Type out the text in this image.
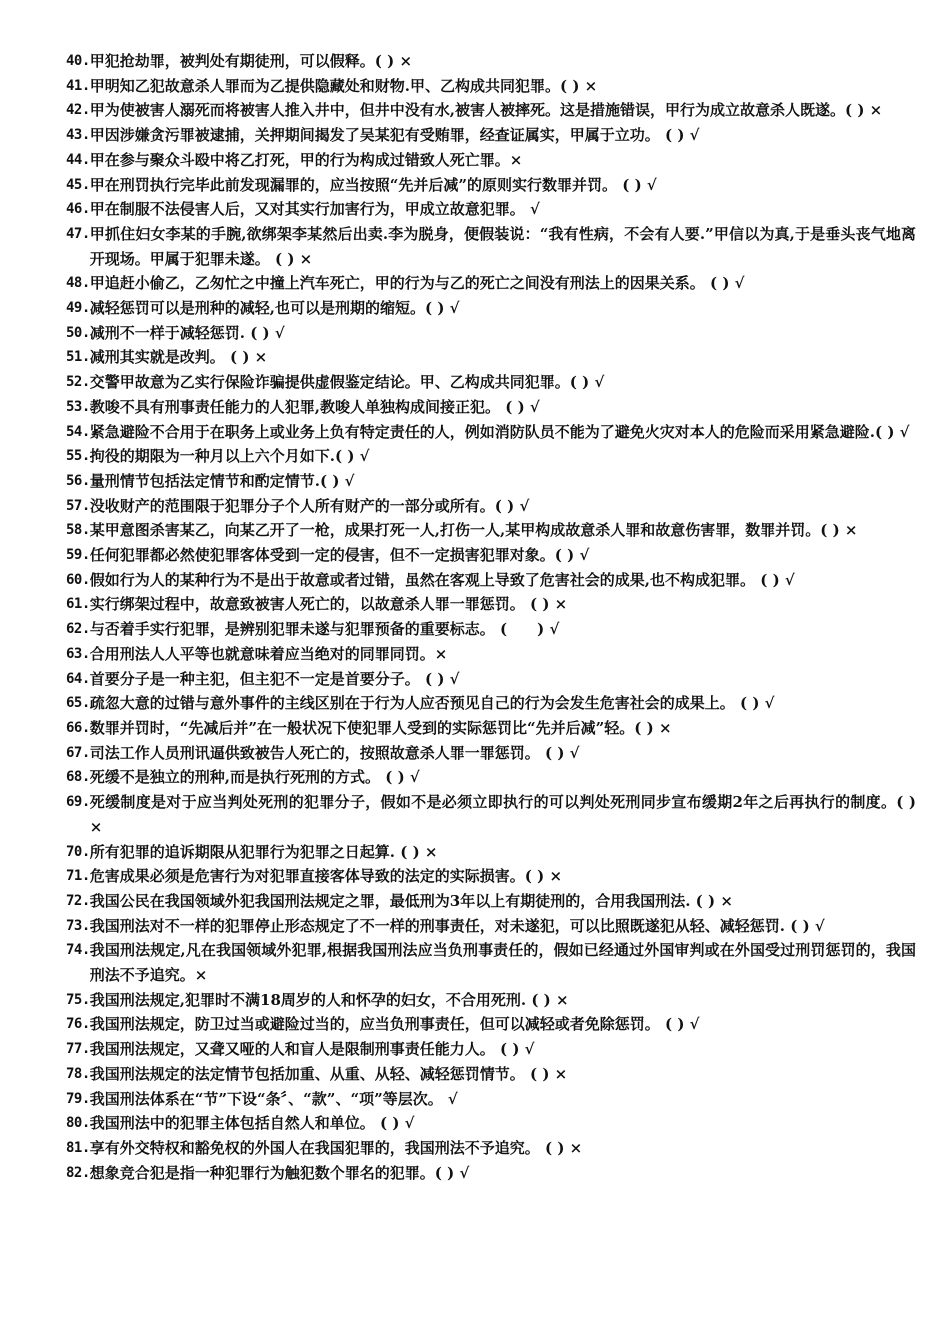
40. 甲犯抢劫罪，被判处有期徒刑，可以假释。( ) ×
41. 甲明知乙犯故意杀人罪而为乙提供隐藏处和财物.甲、乙构成共同犯罪。( ) ×
42. 甲为使被害人溺死而将被害人推入井中，但井中没有水,被害人被摔死。这是措施错误，甲行为成立故意杀人既遂。( ) ×
43. 甲因涉嫌贪污罪被逮捕，关押期间揭发了吴某犯有受贿罪，经查证属实，甲属于立功。 ( ) √
44. 甲在参与聚众斗殴中将乙打死，甲的行为构成过错致人死亡罪。×
45. 甲在刑罚执行完毕此前发现漏罪的，应当按照“先并后减”的原则实行数罪并罚。 ( ) √
46. 甲在制服不法侵害人后，又对其实行加害行为，甲成立故意犯罪。 √
47. 甲抓住妇女李某的手腕,欲绑架李某然后出卖.李为脱身，便假装说：“我有性病，不会有人要.”甲信以为真,于是垂头丧气地离开现场。甲属于犯罪未遂。 ( ) ×
48. 甲追赶小偷乙，乙匆忙之中撞上汽车死亡，甲的行为与乙的死亡之间没有刑法上的因果关系。 ( ) √
49. 减轻惩罚可以是刑种的减轻,也可以是刑期的缩短。( ) √
50. 减刑不一样于减轻惩罚. ( ) √
51. 减刑其实就是改判。 ( ) ×
52. 交警甲故意为乙实行保险诈骗提供虚假鉴定结论。甲、乙构成共同犯罪。( ) √
53. 教唆不具有刑事责任能力的人犯罪,教唆人单独构成间接正犯。 ( ) √
54. 紧急避险不合用于在职务上或业务上负有特定责任的人，例如消防队员不能为了避免火灾对本人的危险而采用紧急避险.( ) √
55. 拘役的期限为一种月以上六个月如下.( ) √
56. 量刑情节包括法定情节和酌定情节.( ) √
57. 没收财产的范围限于犯罪分子个人所有财产的一部分或所有。( ) √
58. 某甲意图杀害某乙，向某乙开了一枪，成果打死一人,打伤一人,某甲构成故意杀人罪和故意伤害罪，数罪并罚。( ) ×
59. 任何犯罪都必然使犯罪客体受到一定的侵害，但不一定损害犯罪对象。( ) √
60. 假如行为人的某种行为不是出于故意或者过错，虽然在客观上导致了危害社会的成果,也不构成犯罪。 ( ) √
61. 实行绑架过程中，故意致被害人死亡的，以故意杀人罪一罪惩罚。 ( ) ×
62. 与否着手实行犯罪，是辨别犯罪未遂与犯罪预备的重要标志。 (　　) √
63. 合用刑法人人平等也就意味着应当绝对的同罪同罚。×
64. 首要分子是一种主犯，但主犯不一定是首要分子。 ( ) √
65. 疏忽大意的过错与意外事件的主线区别在于行为人应否预见自己的行为会发生危害社会的成果上。 ( ) √
66. 数罪并罚时，“先减后并”在一般状况下使犯罪人受到的实际惩罚比“先并后减”轻。( ) ×
67. 司法工作人员刑讯逼供致被告人死亡的，按照故意杀人罪一罪惩罚。 ( ) √
68. 死缓不是独立的刑种,而是执行死刑的方式。 ( ) √
69. 死缓制度是对于应当判处死刑的犯罪分子，假如不是必须立即执行的可以判处死刑同步宣布缓期2年之后再执行的制度。( ) ×
70. 所有犯罪的追诉期限从犯罪行为犯罪之日起算. ( ) ×
71. 危害成果必须是危害行为对犯罪直接客体导致的法定的实际损害。( ) ×
72. 我国公民在我国领域外犯我国刑法规定之罪，最低刑为3年以上有期徒刑的，合用我国刑法. ( ) ×
73. 我国刑法对不一样的犯罪停止形态规定了不一样的刑事责任，对未遂犯，可以比照既遂犯从轻、减轻惩罚. ( ) √
74. 我国刑法规定,凡在我国领域外犯罪,根据我国刑法应当负刑事责任的，假如已经通过外国审判或在外国受过刑罚惩罚的，我国刑法不予追究。×
75. 我国刑法规定,犯罪时不满18周岁的人和怀孕的妇女，不合用死刑. ( ) ×
76. 我国刑法规定，防卫过当或避险过当的，应当负刑事责任，但可以减轻或者免除惩罚。 ( ) √
77. 我国刑法规定，又聋又哑的人和盲人是限制刑事责任能力人。 ( ) √
78. 我国刑法规定的法定情节包括加重、从重、从轻、减轻惩罚情节。 ( ) ×
79. 我国刑法体系在“节”下设“条〞、“款”、“项”等层次。 √
80. 我国刑法中的犯罪主体包括自然人和单位。 ( ) √
81. 享有外交特权和豁免权的外国人在我国犯罪的，我国刑法不予追究。 ( ) ×
82. 想象竞合犯是指一种犯罪行为触犯数个罪名的犯罪。( ) √
